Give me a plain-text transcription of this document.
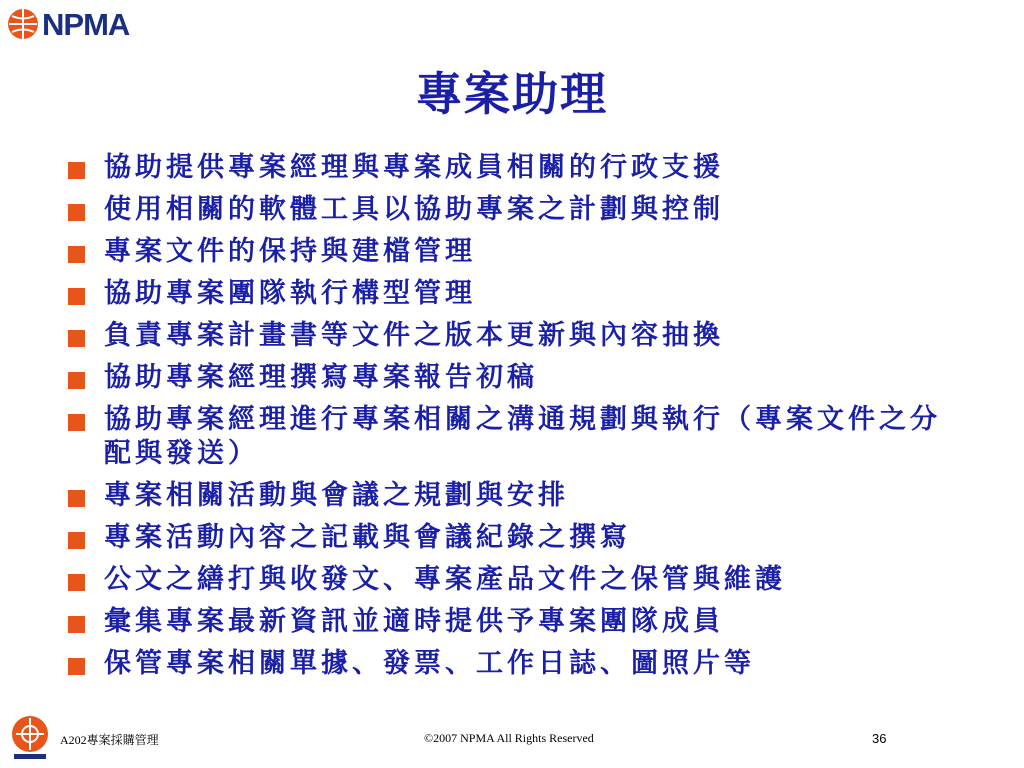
NPMA
專案助理
協助提供專案經理與專案成員相關的行政支援
使用相關的軟體工具以協助專案之計劃與控制
專案文件的保持與建檔管理
協助專案團隊執行構型管理
負責專案計畫書等文件之版本更新與內容抽換
協助專案經理撰寫專案報告初稿
協助專案經理進行專案相關之溝通規劃與執行（專案文件之分配與發送）
專案相關活動與會議之規劃與安排
專案活動內容之記載與會議紀錄之撰寫
公文之繕打與收發文、專案產品文件之保管與維護
彙集專案最新資訊並適時提供予專案團隊成員
保管專案相關單據、發票、工作日誌、圖照片等
A202專案採購管理	©2007 NPMA All Rights Reserved	36
